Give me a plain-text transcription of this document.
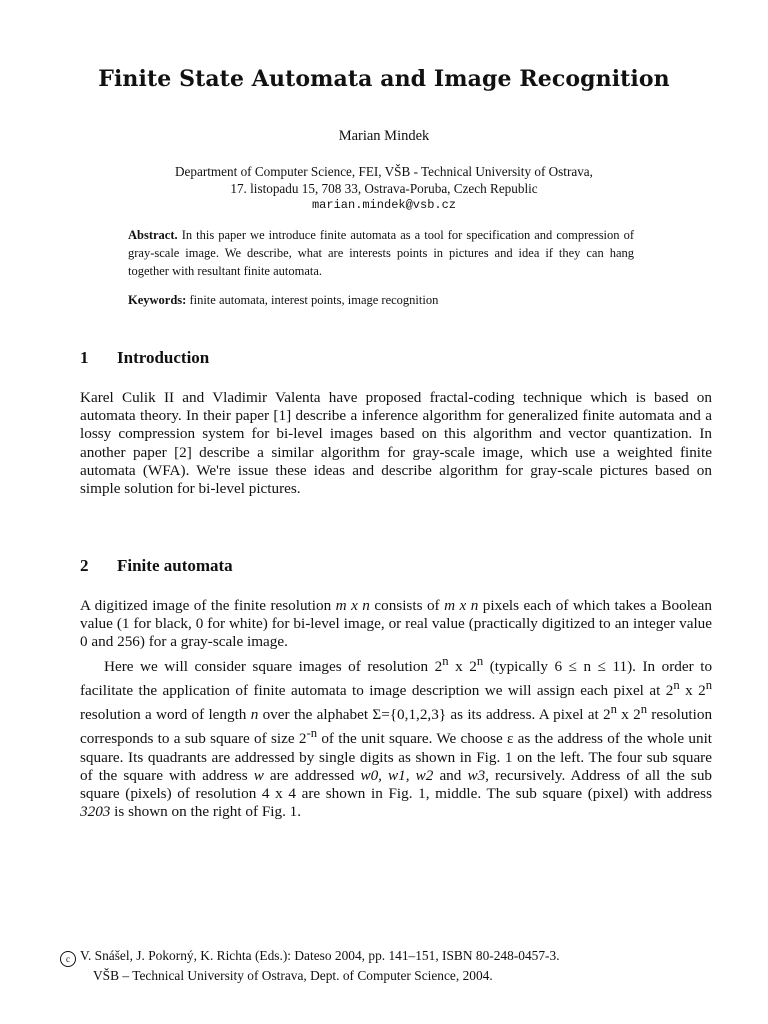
Finite State Automata and Image Recognition
Marian Mindek
Department of Computer Science, FEI, VŠB - Technical University of Ostrava,
17. listopadu 15, 708 33, Ostrava-Poruba, Czech Republic
marian.mindek@vsb.cz
Abstract. In this paper we introduce finite automata as a tool for specification and compression of gray-scale image. We describe, what are interests points in pictures and idea if they can hang together with resultant finite automata.
Keywords: finite automata, interest points, image recognition
1 Introduction

Karel Culik II and Vladimir Valenta have proposed fractal-coding technique which is based on automata theory. In their paper [1] describe a inference algorithm for generalized finite automata and a lossy compression system for bi-level images based on this algorithm and vector quantization. In another paper [2] describe a similar algorithm for gray-scale image, which use a weighted finite automata (WFA). We're issue these ideas and describe algorithm for gray-scale pictures based on simple solution for bi-level pictures.

2 Finite automata

A digitized image of the finite resolution m x n consists of m x n pixels each of which takes a Boolean value (1 for black, 0 for white) for bi-level image, or real value (practically digitized to an integer value 0 and 256) for a gray-scale image.

Here we will consider square images of resolution 2$^n$ x 2$^n$ (typically 6 ≤ n ≤ 11). In order to facilitate the application of finite automata to image description we will assign each pixel at 2$^n$ x 2$^n$ resolution a word of length n over the alphabet Σ={0,1,2,3} as its address. A pixel at 2$^n$ x 2$^n$ resolution corresponds to a sub square of size $2^{-n}$ of the unit square. We choose ε as the address of the whole unit square. Its quadrants are addressed by single digits as shown in Fig. 1 on the left. The four sub square of the square with address w are addressed w0, w1, w2 and w3, recursively. Address of all the sub square (pixels) of resolution 4 x 4 are shown in Fig. 1, middle. The sub square (pixel) with address 3203 is shown on the right of Fig. 1.

c V. Snášel, J. Pokorný, K. Richta (Eds.): Dateso 2004, pp. 141–151, ISBN 80-248-0457-3.
VŠB – Technical University of Ostrava, Dept. of Computer Science, 2004.
